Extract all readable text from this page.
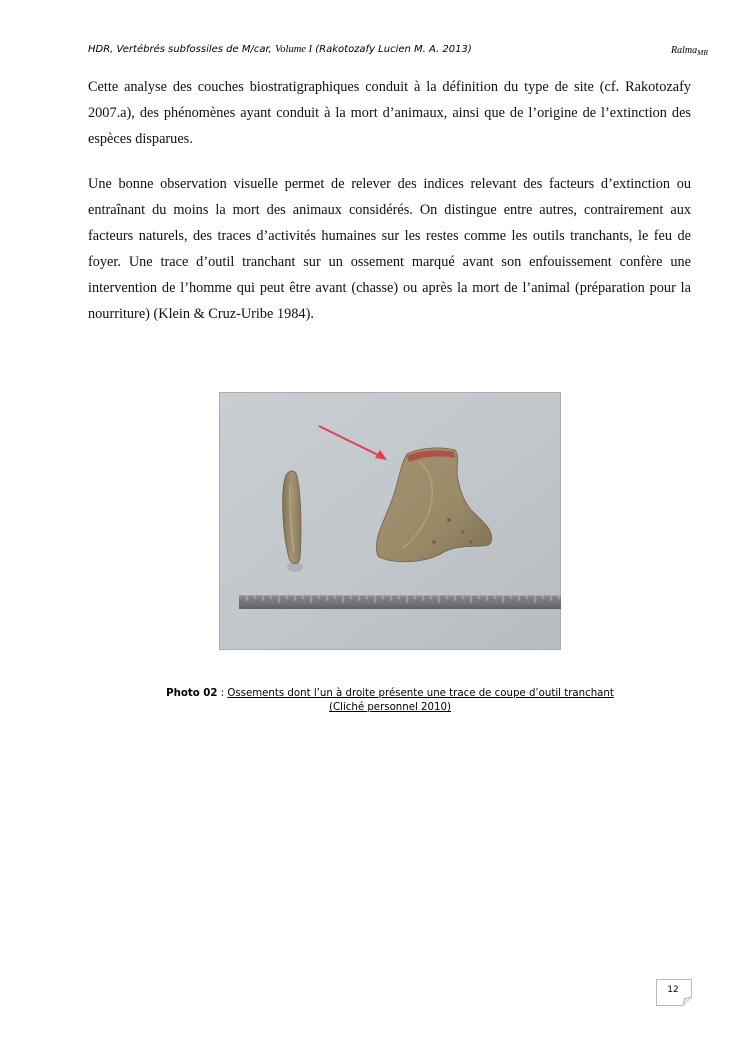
HDR, Vertébrés subfossiles de M/car, Volume I (Rakotozafy Lucien M. A. 2013)	Ralma$_{MR}$

Cette analyse des couches biostratigraphiques conduit à la définition du type de site (cf. Rakotozafy 2007.a), des phénomènes ayant conduit à la mort d’animaux, ainsi que de l’origine de l’extinction des espèces disparues.

Une bonne observation visuelle permet de relever des indices relevant des facteurs d’extinction ou entraînant du moins la mort des animaux considérés. On distingue entre autres, contrairement aux facteurs naturels, des traces d’activités humaines sur les restes comme les outils tranchants, le feu de foyer. Une trace d’outil tranchant sur un ossement marqué avant son enfouissement confère une intervention de l’homme qui peut être avant (chasse) ou après la mort de l’animal (préparation pour la nourriture) (Klein & Cruz-Uribe 1984).

Photo 02 : Ossements dont l’un à droite présente une trace de coupe d’outil tranchant
(Cliché personnel 2010)
12
